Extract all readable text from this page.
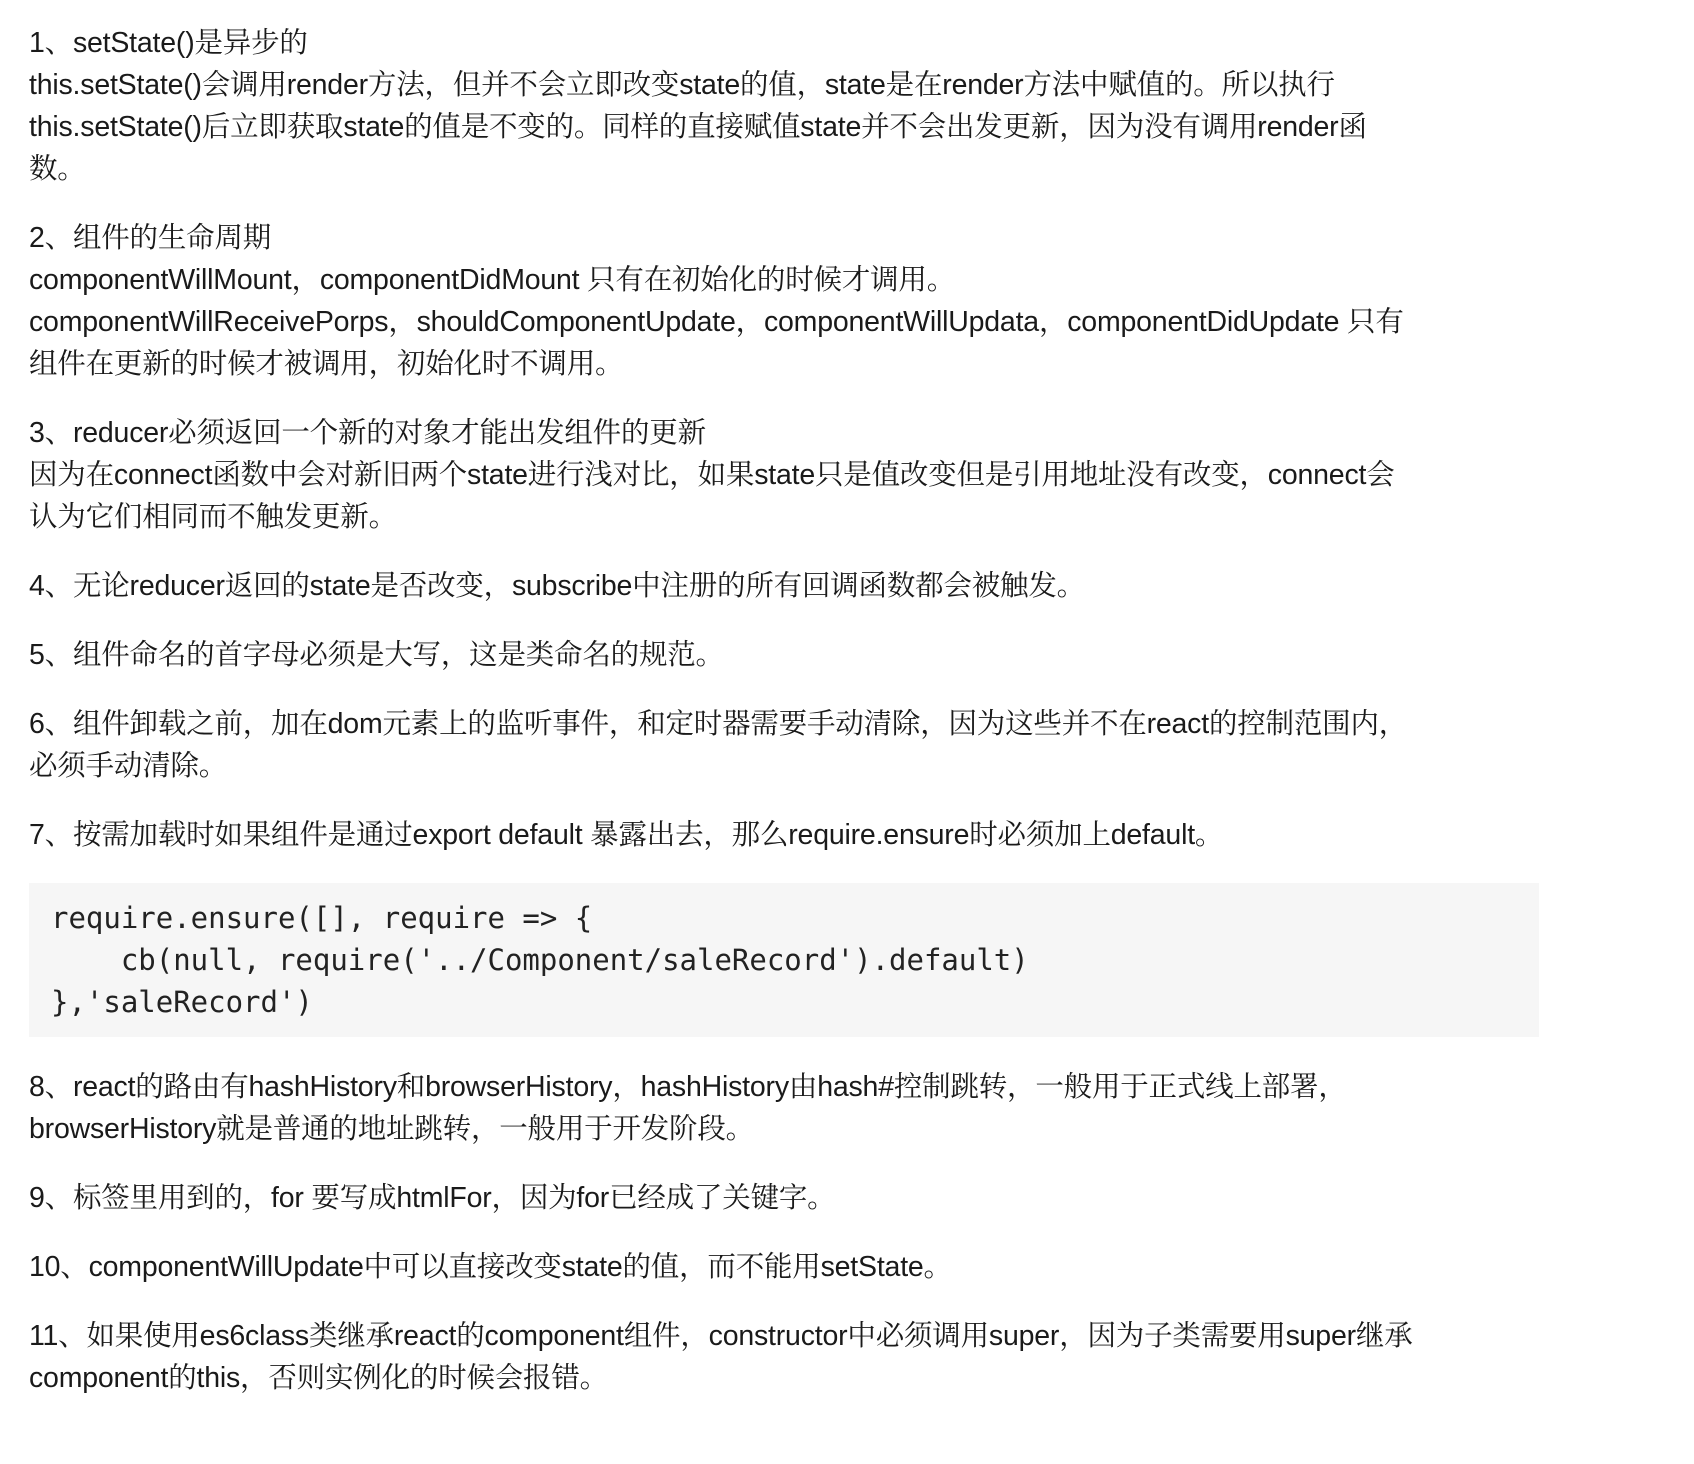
1、setState()是异步的
this.setState()会调用render方法，但并不会立即改变state的值，state是在render方法中赋值的。所以执行
this.setState()后立即获取state的值是不变的。同样的直接赋值state并不会出发更新，因为没有调用render函
数。
2、组件的生命周期
componentWillMount，componentDidMount 只有在初始化的时候才调用。
componentWillReceivePorps，shouldComponentUpdate，componentWillUpdata，componentDidUpdate 只有
组件在更新的时候才被调用，初始化时不调用。
3、reducer必须返回一个新的对象才能出发组件的更新
因为在connect函数中会对新旧两个state进行浅对比，如果state只是值改变但是引用地址没有改变，connect会
认为它们相同而不触发更新。
4、无论reducer返回的state是否改变，subscribe中注册的所有回调函数都会被触发。
5、组件命名的首字母必须是大写，这是类命名的规范。
6、组件卸载之前，加在dom元素上的监听事件，和定时器需要手动清除，因为这些并不在react的控制范围内，
必须手动清除。
7、按需加载时如果组件是通过export default 暴露出去，那么require.ensure时必须加上default。
require.ensure([], require => {
cb(null, require('../Component/saleRecord').default)
},'saleRecord')
8、react的路由有hashHistory和browserHistory，hashHistory由hash#控制跳转，一般用于正式线上部署，
browserHistory就是普通的地址跳转，一般用于开发阶段。
9、标签里用到的，for 要写成htmlFor，因为for已经成了关键字。
10、componentWillUpdate中可以直接改变state的值，而不能用setState。
11、如果使用es6class类继承react的component组件，constructor中必须调用super，因为子类需要用super继承
component的this，否则实例化的时候会报错。
